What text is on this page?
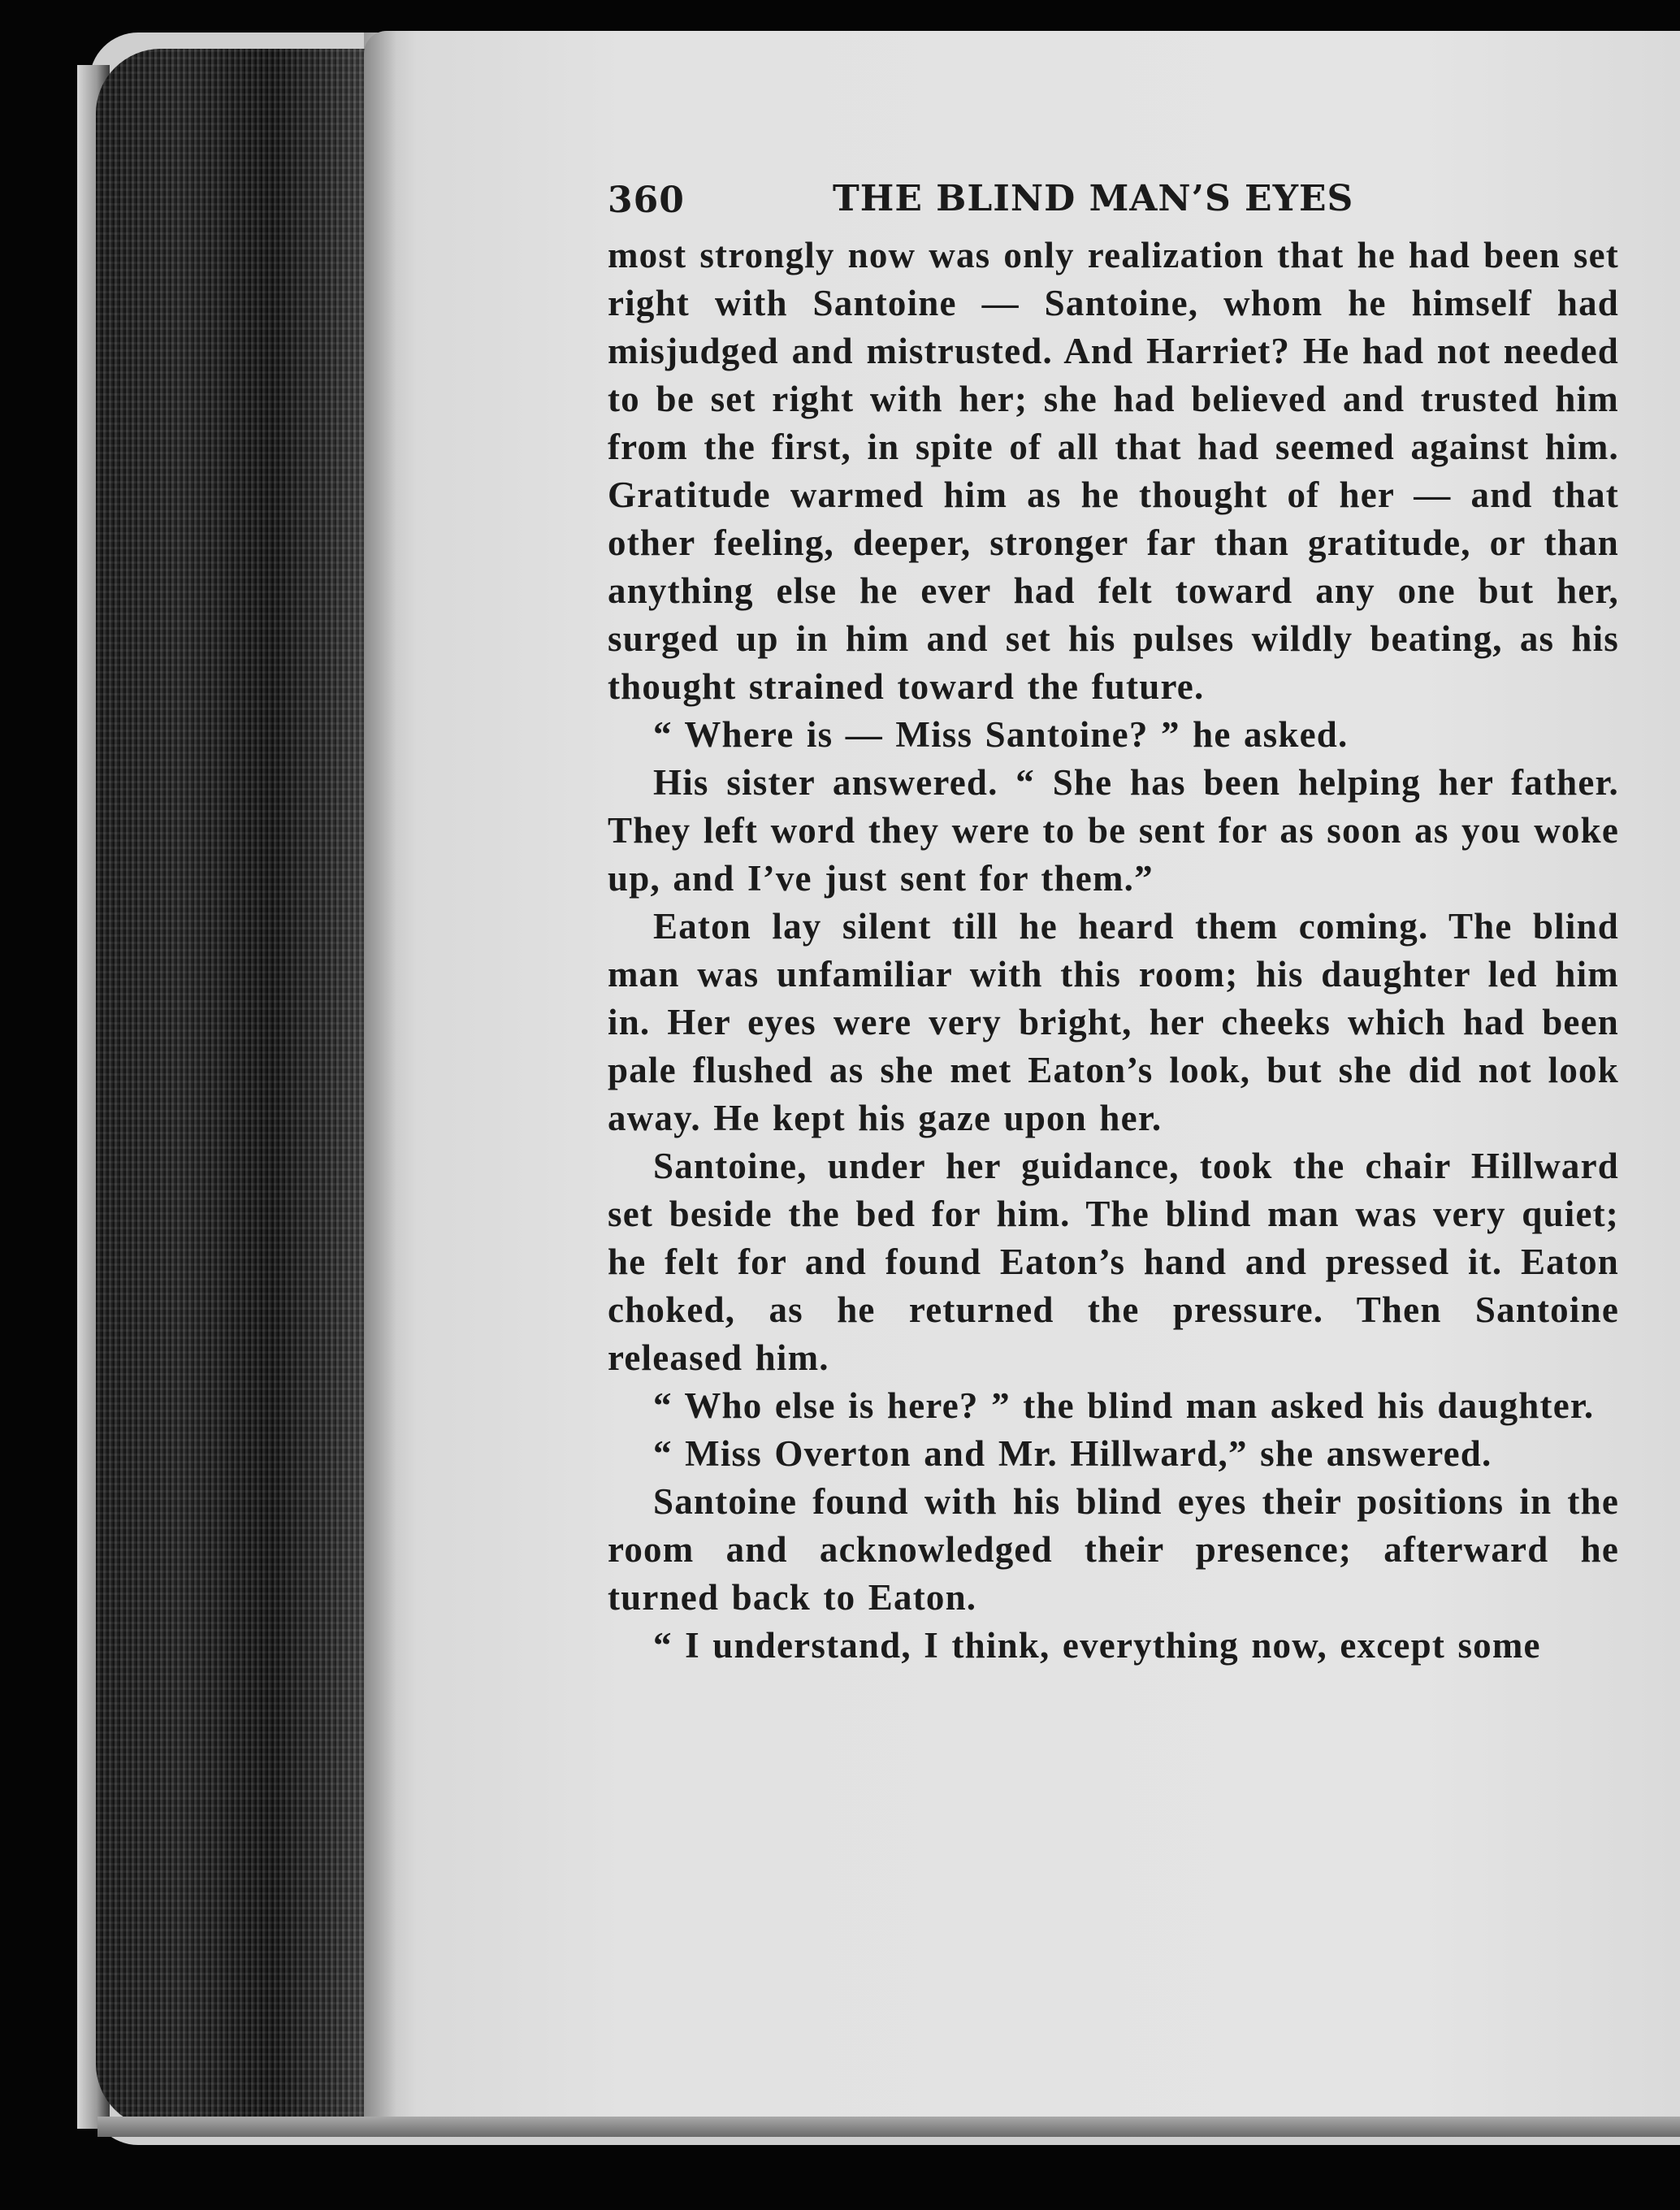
360	THE BLIND MAN’S EYES

most strongly now was only realization that he had been set right with Santoine — Santoine, whom he himself had misjudged and mistrusted. And Harriet? He had not needed to be set right with her; she had believed and trusted him from the first, in spite of all that had seemed against him. Gratitude warmed him as he thought of her — and that other feeling, deeper, stronger far than gratitude, or than anything else he ever had felt toward any one but her, surged up in him and set his pulses wildly beating, as his thought strained toward the future.

“ Where is — Miss Santoine? ” he asked.

His sister answered. “ She has been helping her father. They left word they were to be sent for as soon as you woke up, and I’ve just sent for them.”

Eaton lay silent till he heard them coming. The blind man was unfamiliar with this room; his daughter led him in. Her eyes were very bright, her cheeks which had been pale flushed as she met Eaton’s look, but she did not look away. He kept his gaze upon her.

Santoine, under her guidance, took the chair Hillward set beside the bed for him. The blind man was very quiet; he felt for and found Eaton’s hand and pressed it. Eaton choked, as he returned the pressure. Then Santoine released him.

“ Who else is here? ” the blind man asked his daughter.

“ Miss Overton and Mr. Hillward,” she answered.

Santoine found with his blind eyes their positions in the room and acknowledged their presence; afterward he turned back to Eaton.

“ I understand, I think, everything now, except some
